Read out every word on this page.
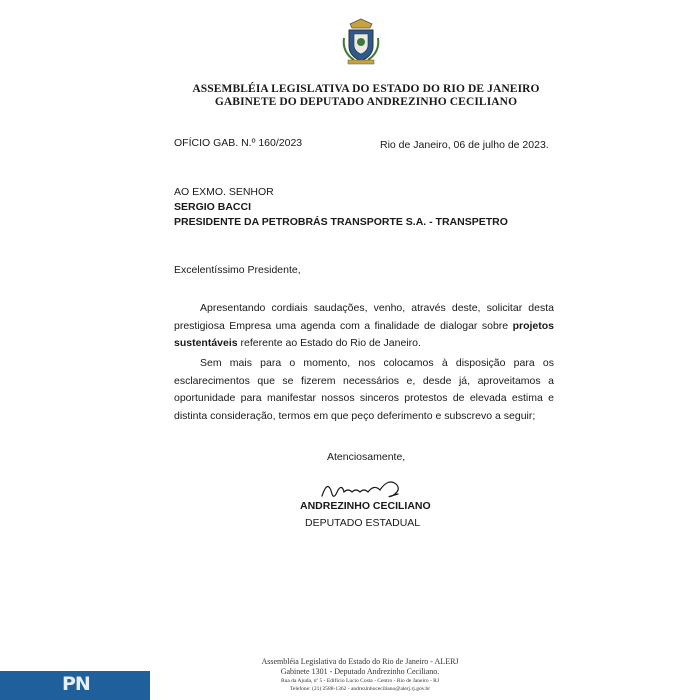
ASSEMBLÉIA LEGISLATIVA DO ESTADO DO RIO DE JANEIRO
GABINETE DO DEPUTADO ANDREZINHO CECILIANO
OFÍCIO GAB. N.º 160/2023	Rio de Janeiro, 06 de julho de 2023.
AO EXMO. SENHOR
SERGIO BACCI
PRESIDENTE DA PETROBRÁS TRANSPORTE S.A. - TRANSPETRO
Excelentíssimo Presidente,
Apresentando cordiais saudações, venho, através deste, solicitar desta prestigiosa Empresa uma agenda com a finalidade de dialogar sobre projetos sustentáveis referente ao Estado do Rio de Janeiro.
Sem mais para o momento, nos colocamos à disposição para os esclarecimentos que se fizerem necessários e, desde já, aproveitamos a oportunidade para manifestar nossos sinceros protestos de elevada estima e distinta consideração, termos em que peço deferimento e subscrevo a seguir;
Atenciosamente,
ANDREZINHO CECILIANO
DEPUTADO ESTADUAL
Assembléia Legislativa do Estado do Rio de Janeiro - ALERJ
Gabinete 1301 - Deputado Andrezinho Ceciliano.
Rua da Ajuda, nº 5 - Edifício Lucio Costa - Centro - Rio de Janeiro - RJ
Telefone: (21) 2588-1362 - andrezinhoceciliano@alerj.rj.gov.br
PN
